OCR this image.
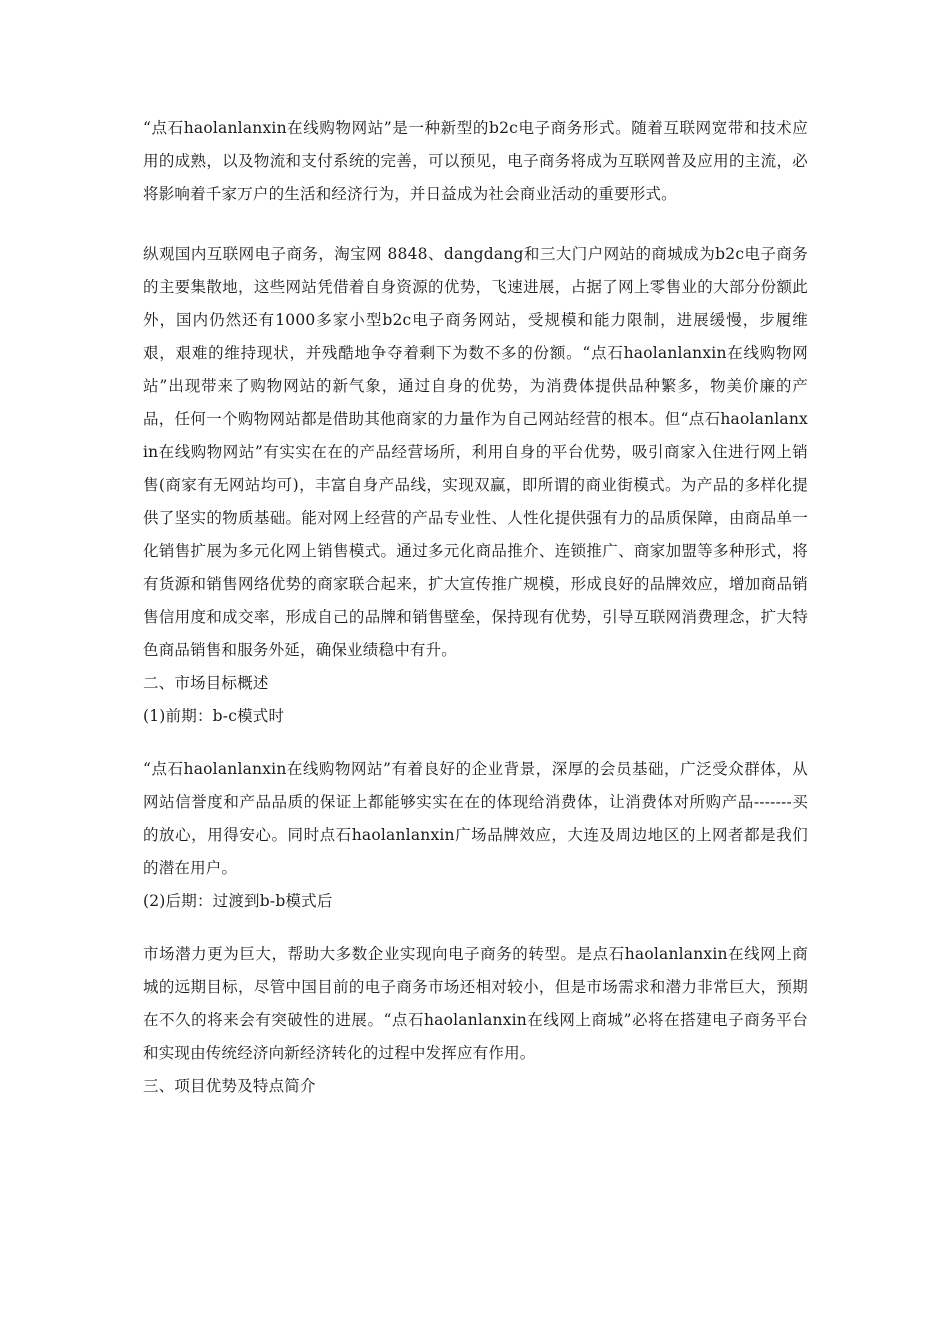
“点石haolanlanxin在线购物网站”是一种新型的b2c电子商务形式。随着互联网宽带和技术应用的成熟，以及物流和支付系统的完善，可以预见，电子商务将成为互联网普及应用的主流，必将影响着千家万户的生活和经济行为，并日益成为社会商业活动的重要形式。

纵观国内互联网电子商务，淘宝网 8848、dangdang和三大门户网站的商城成为b2c电子商务的主要集散地，这些网站凭借着自身资源的优势，飞速进展，占据了网上零售业的大部分份额此外，国内仍然还有1000多家小型b2c电子商务网站，受规模和能力限制，进展缓慢，步履维艰，艰难的维持现状，并残酷地争夺着剩下为数不多的份额。“点石haolanlanxin在线购物网站”出现带来了购物网站的新气象，通过自身的优势，为消费体提供品种繁多，物美价廉的产品，任何一个购物网站都是借助其他商家的力量作为自己网站经营的根本。但“点石haolanlanxin在线购物网站”有实实在在的产品经营场所，利用自身的平台优势，吸引商家入住进行网上销售(商家有无网站均可)，丰富自身产品线，实现双赢，即所谓的商业街模式。为产品的多样化提供了坚实的物质基础。能对网上经营的产品专业性、人性化提供强有力的品质保障，由商品单一化销售扩展为多元化网上销售模式。通过多元化商品推介、连锁推广、商家加盟等多种形式，将有货源和销售网络优势的商家联合起来，扩大宣传推广规模，形成良好的品牌效应，增加商品销售信用度和成交率，形成自己的品牌和销售壁垒，保持现有优势，引导互联网消费理念，扩大特色商品销售和服务外延，确保业绩稳中有升。

二、市场目标概述

(1)前期：b-c模式时

“点石haolanlanxin在线购物网站”有着良好的企业背景，深厚的会员基础，广泛受众群体，从网站信誉度和产品品质的保证上都能够实实在在的体现给消费体，让消费体对所购产品-------买的放心，用得安心。同时点石haolanlanxin广场品牌效应，大连及周边地区的上网者都是我们的潜在用户。

(2)后期：过渡到b-b模式后

市场潜力更为巨大，帮助大多数企业实现向电子商务的转型。是点石haolanlanxin在线网上商城的远期目标，尽管中国目前的电子商务市场还相对较小，但是市场需求和潜力非常巨大，预期在不久的将来会有突破性的进展。“点石haolanlanxin在线网上商城”必将在搭建电子商务平台和实现由传统经济向新经济转化的过程中发挥应有作用。

三、项目优势及特点简介
